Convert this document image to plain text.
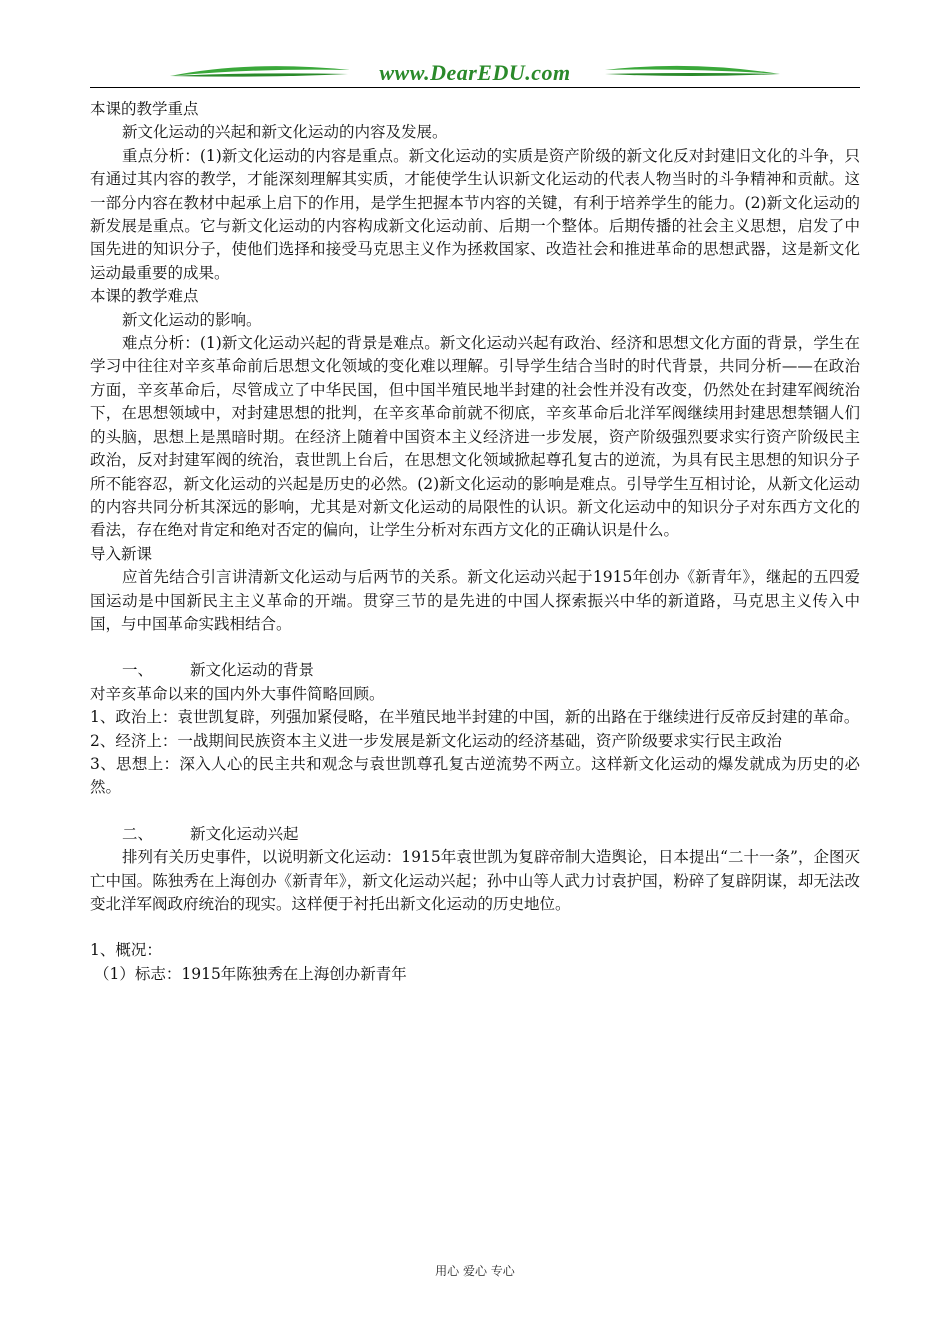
www.DearEDU.com

本课的教学重点

新文化运动的兴起和新文化运动的内容及发展。

重点分析：(1)新文化运动的内容是重点。新文化运动的实质是资产阶级的新文化反对封建旧文化的斗争，只有通过其内容的教学，才能深刻理解其实质，才能使学生认识新文化运动的代表人物当时的斗争精神和贡献。这一部分内容在教材中起承上启下的作用，是学生把握本节内容的关键，有利于培养学生的能力。(2)新文化运动的新发展是重点。它与新文化运动的内容构成新文化运动前、后期一个整体。后期传播的社会主义思想，启发了中国先进的知识分子，使他们选择和接受马克思主义作为拯救国家、改造社会和推进革命的思想武器，这是新文化运动最重要的成果。

本课的教学难点

新文化运动的影响。

难点分析：(1)新文化运动兴起的背景是难点。新文化运动兴起有政治、经济和思想文化方面的背景，学生在学习中往往对辛亥革命前后思想文化领域的变化难以理解。引导学生结合当时的时代背景，共同分析——在政治方面，辛亥革命后，尽管成立了中华民国，但中国半殖民地半封建的社会性并没有改变，仍然处在封建军阀统治下，在思想领域中，对封建思想的批判，在辛亥革命前就不彻底，辛亥革命后北洋军阀继续用封建思想禁锢人们的头脑，思想上是黑暗时期。在经济上随着中国资本主义经济进一步发展，资产阶级强烈要求实行资产阶级民主政治，反对封建军阀的统治，袁世凯上台后，在思想文化领域掀起尊孔复古的逆流，为具有民主思想的知识分子所不能容忍，新文化运动的兴起是历史的必然。(2)新文化运动的影响是难点。引导学生互相讨论，从新文化运动的内容共同分析其深远的影响，尤其是对新文化运动的局限性的认识。新文化运动中的知识分子对东西方文化的看法，存在绝对肯定和绝对否定的偏向，让学生分析对东西方文化的正确认识是什么。

导入新课

应首先结合引言讲清新文化运动与后两节的关系。新文化运动兴起于1915年创办《新青年》，继起的五四爱国运动是中国新民主主义革命的开端。贯穿三节的是先进的中国人探索振兴中华的新道路，马克思主义传入中国，与中国革命实践相结合。

一、 新文化运动的背景

对辛亥革命以来的国内外大事件简略回顾。

1、政治上：袁世凯复辟，列强加紧侵略，在半殖民地半封建的中国，新的出路在于继续进行反帝反封建的革命。

2、经济上：一战期间民族资本主义进一步发展是新文化运动的经济基础，资产阶级要求实行民主政治

3、思想上：深入人心的民主共和观念与袁世凯尊孔复古逆流势不两立。这样新文化运动的爆发就成为历史的必然。

二、 新文化运动兴起

排列有关历史事件，以说明新文化运动：1915年袁世凯为复辟帝制大造舆论，日本提出“二十一条”，企图灭亡中国。陈独秀在上海创办《新青年》，新文化运动兴起；孙中山等人武力讨袁护国，粉碎了复辟阴谋，却无法改变北洋军阀政府统治的现实。这样便于衬托出新文化运动的历史地位。

1、概况：

（1）标志：1915年陈独秀在上海创办新青年

用心 爱心 专心
